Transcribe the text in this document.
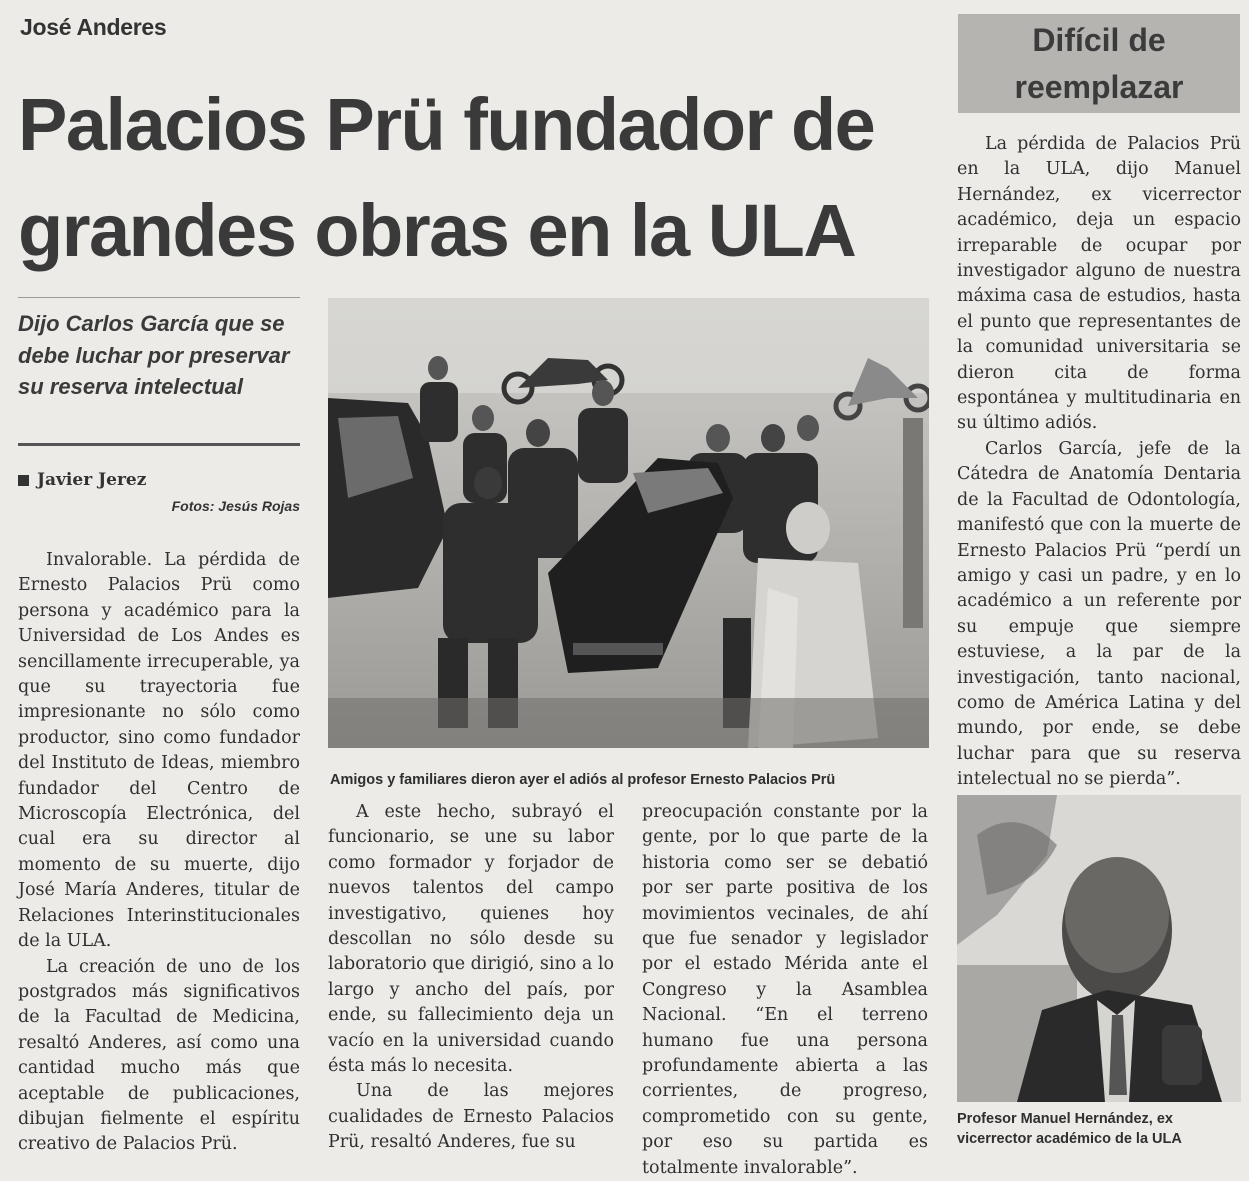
José Anderes
Palacios Prü fundador de
grandes obras en la ULA
Difícil de
reemplazar
Dijo Carlos García que se debe luchar por preservar su reserva intelectual
Javier Jerez
Fotos: Jesús Rojas

Invalorable. La pérdida de Ernesto Palacios Prü como persona y académico para la Universidad de Los Andes es sencillamente irrecuperable, ya que su trayectoria fue impresionante no sólo como productor, sino como fundador del Instituto de Ideas, miembro fundador del Centro de Microscopía Electrónica, del cual era su director al momento de su muerte, dijo José María Anderes, titular de Relaciones Interinstitucionales de la ULA.

La creación de uno de los postgrados más significativos de la Facultad de Medicina, resaltó Anderes, así como una cantidad mucho más que aceptable de publicaciones, dibujan fielmente el espíritu creativo de Palacios Prü.

Amigos y familiares dieron ayer el adiós al profesor Ernesto Palacios Prü

A este hecho, subrayó el funcionario, se une su labor como formador y forjador de nuevos talentos del campo investigativo, quienes hoy descollan no sólo desde su laboratorio que dirigió, sino a lo largo y ancho del país, por ende, su fallecimiento deja un vacío en la universidad cuando ésta más lo necesita.

Una de las mejores cualidades de Ernesto Palacios Prü, resaltó Anderes, fue su

preocupación constante por la gente, por lo que parte de la historia como ser se debatió por ser parte positiva de los movimientos vecinales, de ahí que fue senador y legislador por el estado Mérida ante el Congreso y la Asamblea Nacional. “En el terreno humano fue una persona profundamente abierta a las corrientes, de progreso, comprometido con su gente, por eso su partida es totalmente invalorable”.

La pérdida de Palacios Prü en la ULA, dijo Manuel Hernández, ex vicerrector académico, deja un espacio irreparable de ocupar por investigador alguno de nuestra máxima casa de estudios, hasta el punto que representantes de la comunidad universitaria se dieron cita de forma espontánea y multitudinaria en su último adiós.

Carlos García, jefe de la Cátedra de Anatomía Dentaria de la Facultad de Odontología, manifestó que con la muerte de Ernesto Palacios Prü “perdí un amigo y casi un padre, y en lo académico a un referente por su empuje que siempre estuviese, a la par de la investigación, tanto nacional, como de América Latina y del mundo, por ende, se debe luchar para que su reserva intelectual no se pierda”.

Profesor Manuel Hernández, ex vicerrector académico de la ULA
